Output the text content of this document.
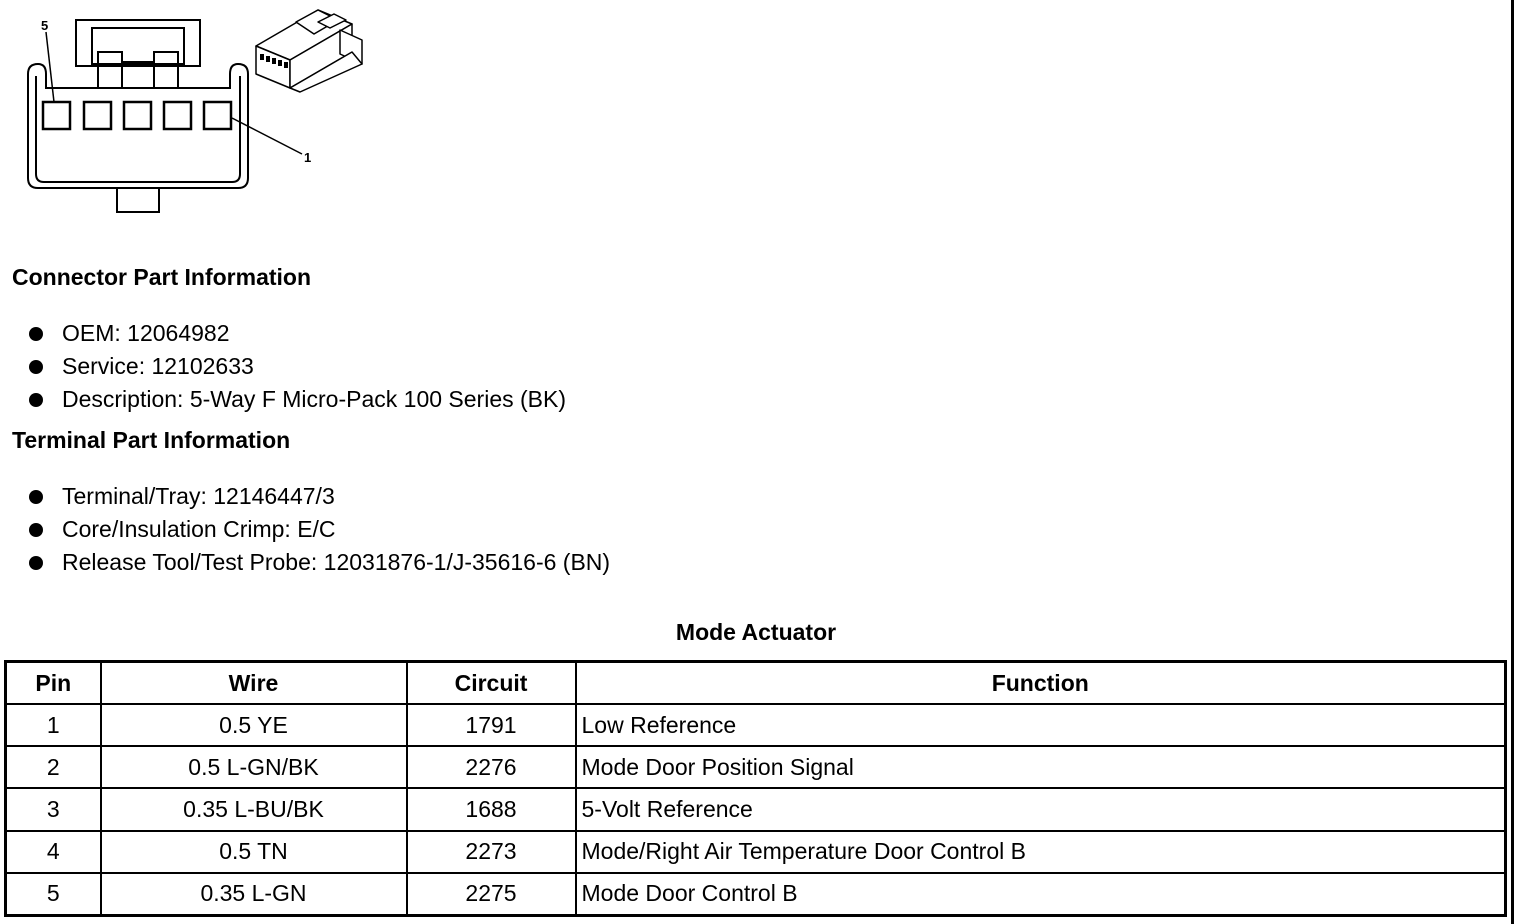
5
1
Connector Part Information
OEM: 12064982
Service: 12102633
Description: 5-Way F Micro-Pack 100 Series (BK)
Terminal Part Information
Terminal/Tray: 12146447/3
Core/Insulation Crimp: E/C
Release Tool/Test Probe: 12031876-1/J-35616-6 (BN)
Mode Actuator
Pin	Wire	Circuit	Function
1	0.5 YE	1791	Low Reference
2	0.5 L-GN/BK	2276	Mode Door Position Signal
3	0.35 L-BU/BK	1688	5-Volt Reference
4	0.5 TN	2273	Mode/Right Air Temperature Door Control B
5	0.35 L-GN	2275	Mode Door Control B
